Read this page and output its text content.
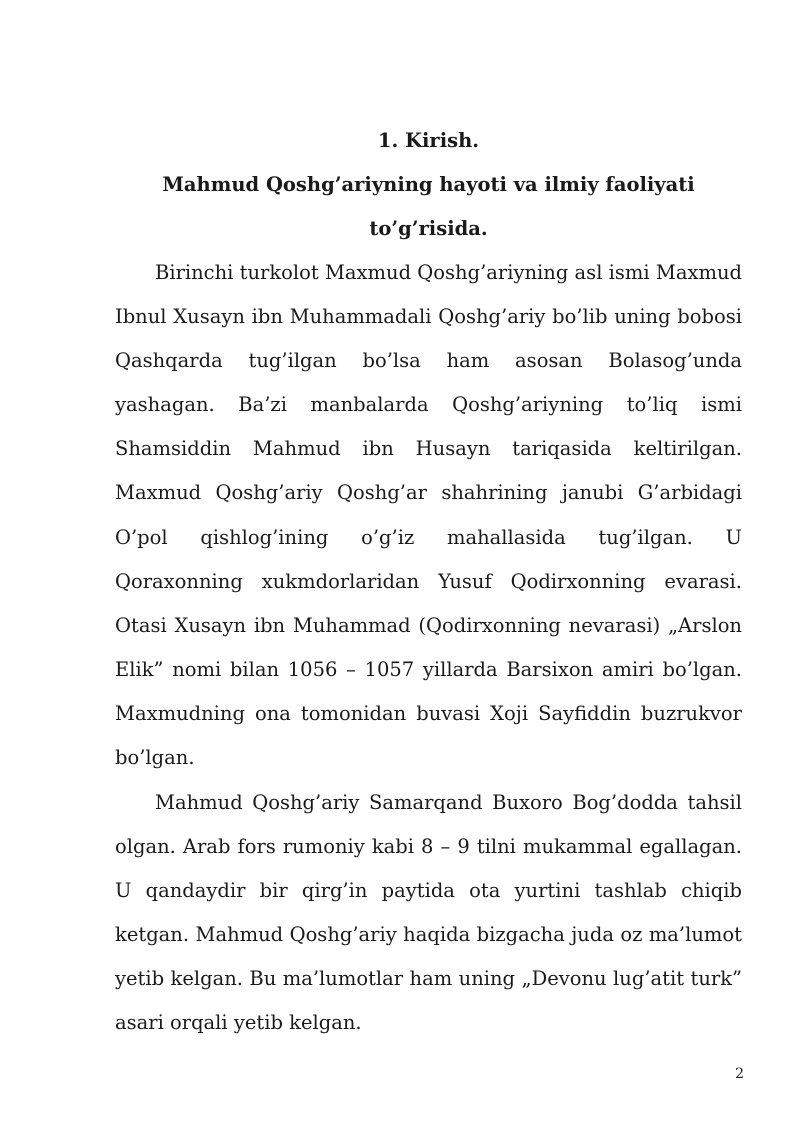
1. Kirish.
Mahmud Qoshg’ariyning hayoti va ilmiy faoliyati
to’g’risida.

Birinchi turkolot Maxmud Qoshg’ariyning asl ismi Maxmud Ibnul Xusayn ibn Muhammadali Qoshg’ariy bo’lib uning bobosi Qashqarda tug’ilgan bo’lsa ham asosan Bolasog’unda yashagan. Ba’zi manbalarda Qoshg’ariyning to’liq ismi Shamsiddin Mahmud ibn Husayn tariqasida keltirilgan. Maxmud Qoshg’ariy Qoshg’ar shahrining janubi G’arbidagi O’pol qishlog’ining o’g’iz mahallasida tug’ilgan. U Qoraxonning xukmdorlaridan Yusuf Qodirxonning evarasi. Otasi Xusayn ibn Muhammad (Qodirxonning nevarasi) „Arslon Elik” nomi bilan 1056 – 1057 yillarda Barsixon amiri bo’lgan. Maxmudning ona tomonidan buvasi Xoji Sayfiddin buzrukvor bo’lgan.

Mahmud Qoshg’ariy Samarqand Buxoro Bog’dodda tahsil olgan. Arab fors rumoniy kabi 8 – 9 tilni mukammal egallagan. U qandaydir bir qirg’in paytida ota yurtini tashlab chiqib ketgan. Mahmud Qoshg’ariy haqida bizgacha juda oz ma’lumot yetib kelgan. Bu ma’lumotlar ham uning „Devonu lug’atit turk” asari orqali yetib kelgan.

2
